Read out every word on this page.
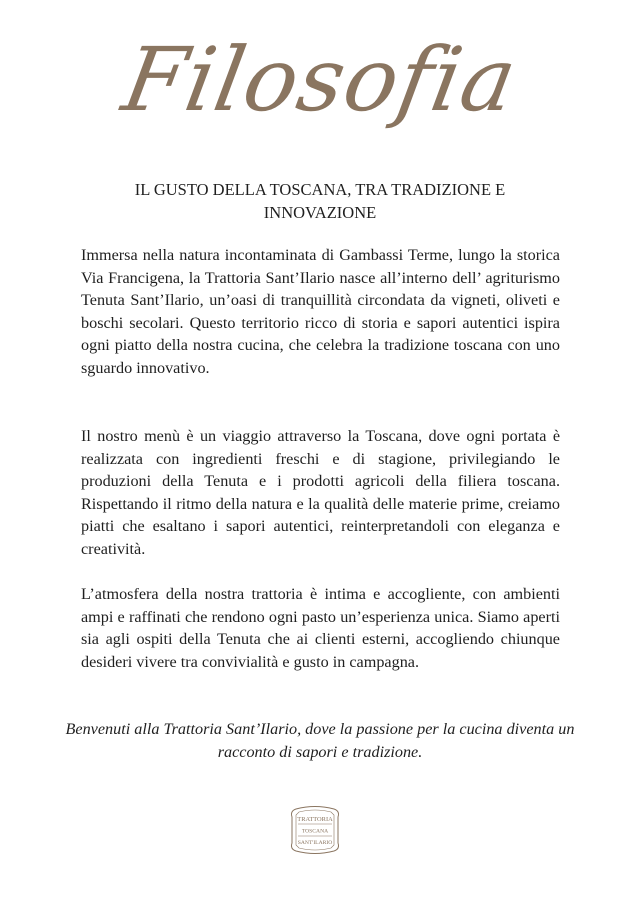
Filosofia
IL GUSTO DELLA TOSCANA, TRA TRADIZIONE E INNOVAZIONE

Immersa nella natura incontaminata di Gambassi Terme, lungo la storica Via Francigena, la Trattoria Sant’Ilario nasce all’interno dell’ agriturismo Tenuta Sant’Ilario, un’oasi di tranquillità circondata da vigneti, oliveti e boschi secolari. Questo territorio ricco di storia e sapori autentici ispira ogni piatto della nostra cucina, che celebra la tradizione toscana con uno sguardo innovativo.

Il nostro menù è un viaggio attraverso la Toscana, dove ogni portata è realizzata con ingredienti freschi e di stagione, privilegiando le produzioni della Tenuta e i prodotti agricoli della filiera toscana. Rispettando il ritmo della natura e la qualità delle materie prime, creiamo piatti che esaltano i sapori autentici, reinterpretandoli con eleganza e creatività.

L’atmosfera della nostra trattoria è intima e accogliente, con ambienti ampi e raffinati che rendono ogni pasto un’esperienza unica. Siamo aperti sia agli ospiti della Tenuta che ai clienti esterni, accogliendo chiunque desideri vivere tra convivialità e gusto in campagna.

Benvenuti alla Trattoria Sant’Ilario, dove la passione per la cucina diventa un racconto di sapori e tradizione.

TRATTORIA
TOSCANA
SANT'ILARIO
